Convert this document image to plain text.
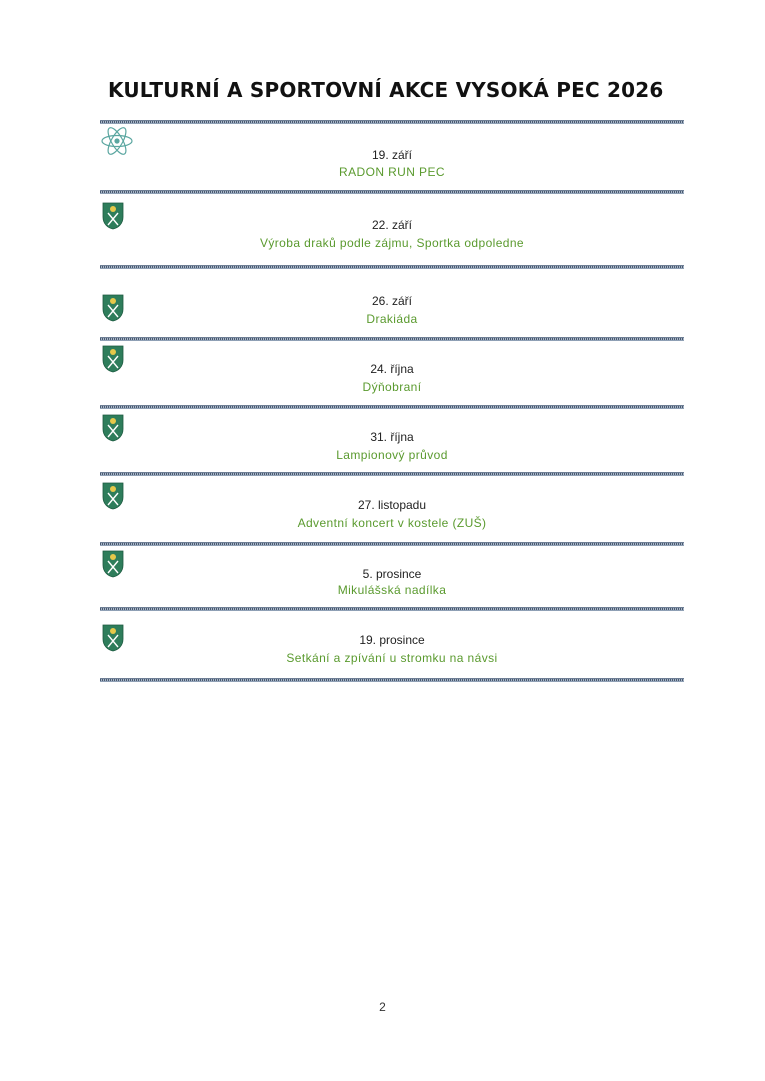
KULTURNÍ A SPORTOVNÍ AKCE VYSOKÁ PEC 2026
19. září
RADON RUN PEC
22. září
Výroba draků podle zájmu, Sportka odpoledne
26. září
Drakiáda
24. října
Dýňobraní
31. října
Lampionový průvod
27. listopadu
Adventní koncert v kostele (ZUŠ)
5. prosince
Mikulášská nadílka
19. prosince
Setkání a zpívání u stromku na návsi
2
